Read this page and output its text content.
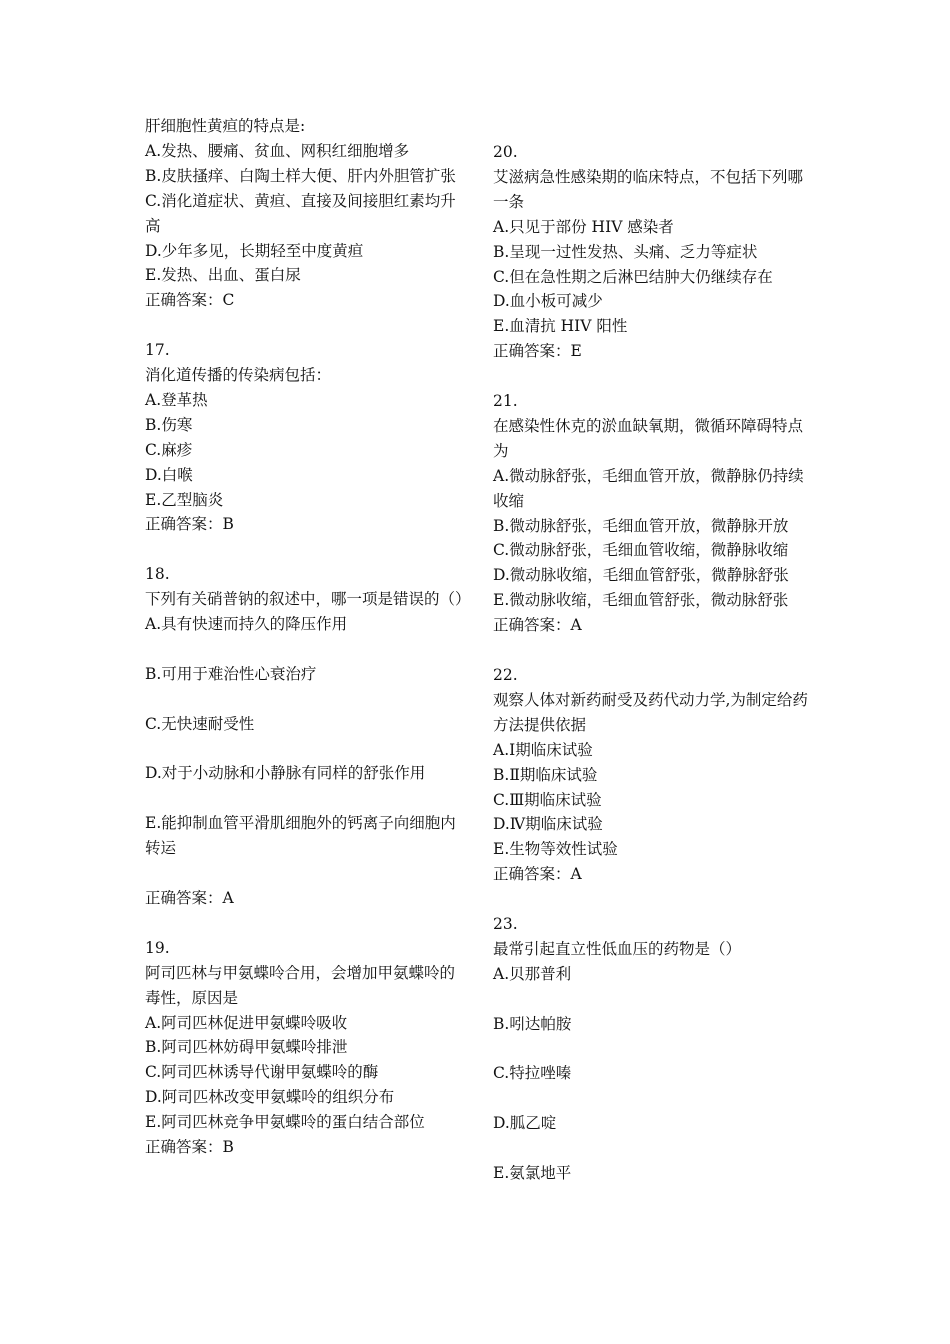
肝细胞性黄疸的特点是:
A.发热、腰痛、贫血、网积红细胞增多
B.皮肤搔痒、白陶土样大便、肝内外胆管扩张
C.消化道症状、黄疸、直接及间接胆红素均升高
D.少年多见，长期轻至中度黄疸
E.发热、出血、蛋白尿
正确答案：C
17.
消化道传播的传染病包括：
A.登革热
B.伤寒
C.麻疹
D.白喉
E.乙型脑炎
正确答案：B
18.
下列有关硝普钠的叙述中，哪一项是错误的（）
A.具有快速而持久的降压作用
B.可用于难治性心衰治疗
C.无快速耐受性
D.对于小动脉和小静脉有同样的舒张作用
E.能抑制血管平滑肌细胞外的钙离子向细胞内转运
正确答案：A
19.
阿司匹林与甲氨蝶呤合用，会增加甲氨蝶呤的毒性，原因是
A.阿司匹林促进甲氨蝶呤吸收
B.阿司匹林妨碍甲氨蝶呤排泄
C.阿司匹林诱导代谢甲氨蝶呤的酶
D.阿司匹林改变甲氨蝶呤的组织分布
E.阿司匹林竞争甲氨蝶呤的蛋白结合部位
正确答案：B
20.
艾滋病急性感染期的临床特点，不包括下列哪一条
A.只见于部份 HIV 感染者
B.呈现一过性发热、头痛、乏力等症状
C.但在急性期之后淋巴结肿大仍继续存在
D.血小板可减少
E.血清抗 HIV 阳性
正确答案：E
21.
在感染性休克的淤血缺氧期，微循环障碍特点为
A.微动脉舒张，毛细血管开放，微静脉仍持续收缩
B.微动脉舒张，毛细血管开放，微静脉开放
C.微动脉舒张，毛细血管收缩，微静脉收缩
D.微动脉收缩，毛细血管舒张，微静脉舒张
E.微动脉收缩，毛细血管舒张，微动脉舒张
正确答案：A
22.
观察人体对新药耐受及药代动力学,为制定给药方法提供依据
A.Ⅰ期临床试验
B.Ⅱ期临床试验
C.Ⅲ期临床试验
D.Ⅳ期临床试验
E.生物等效性试验
正确答案：A
23.
最常引起直立性低血压的药物是（）
A.贝那普利
B.吲达帕胺
C.特拉唑嗪
D.胍乙啶
E.氨氯地平
